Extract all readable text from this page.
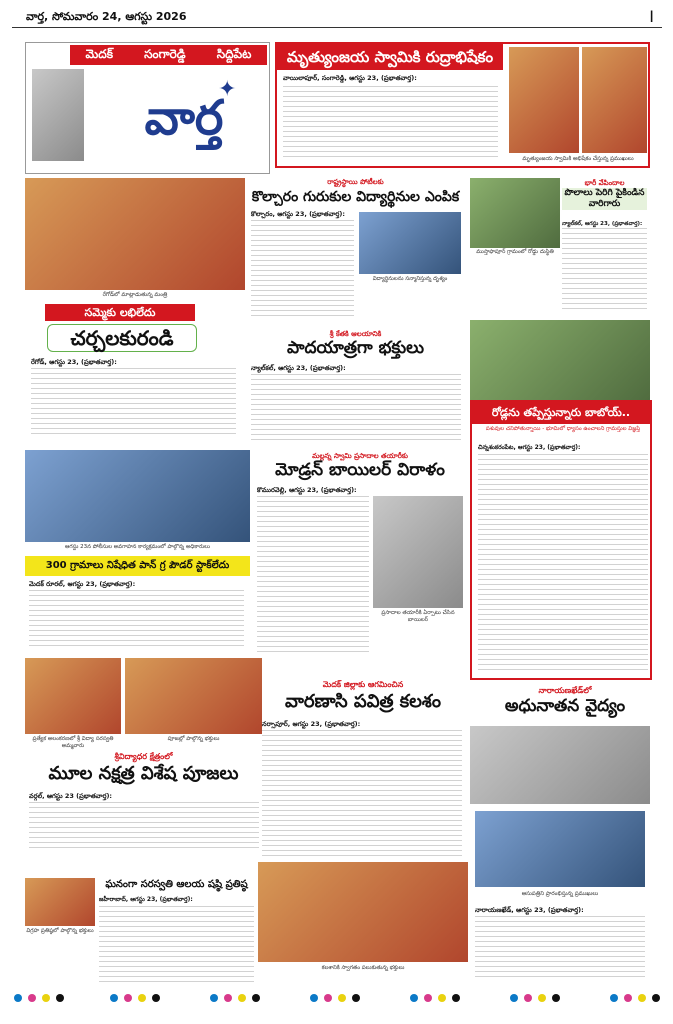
వార్త, సోమవారం 24, ఆగస్టు 2026	I
మెదక్	సంగారెడ్డి	సిద్దిపేట
వార్త
✦
మృత్యుంజయ స్వామికి రుద్రాభిషేకం
వాయిలాపూర్, సంగారెడ్డి, ఆగస్టు 23, (ప్రభాతవార్త):
మృత్యుంజయ స్వామికి అభిషేకం చేస్తున్న ప్రముఖులు
రేగోడ్‌లో మాట్లాడుతున్న మంత్రి
సమ్మెకు లభిలేదు
చర్చలకురండి
రేగోడ్, ఆగస్టు 23, (ప్రభాతవార్త):
రాష్ట్రస్థాయి పోటీలకు
కొల్చారం గురుకుల విద్యార్థినుల ఎంపిక
కొల్చారం, ఆగస్టు 23, (ప్రభాతవార్త):
విద్యార్థినులను సన్మానిస్తున్న దృశ్యం
ముస్తాఫాపూర్ గ్రామంలో రోడ్డు దుస్థితి
భారీ వేపిందాల
పొలాలు పెరిగి పైకిండిన వారిగారు
న్యాల్‌కల్, ఆగస్టు 23, (ప్రభాతవార్త):
శ్రీ కేతకి ఆలయానికి
పాదయాత్రగా భక్తులు
న్యాల్‌కల్, ఆగస్టు 23, (ప్రభాతవార్త):
రోడ్లను తప్పేస్తున్నారు బాబోయ్..
పశువుల చనిపోతున్నాయి - భూమిలో ధ్యాసం ఉంచాలని గ్రామస్తుల విజ్ఞప్తి
చిన్నశంకరంపేట, ఆగస్టు 23, (ప్రభాతవార్త):
ఆగస్టు 23న పోలీసుల అవగాహన కార్యక్రమంలో పాల్గొన్న అధికారులు
300 గ్రామాలు నిషేధిత పాన్ గ్ర పౌడర్ స్టాక్‌లేదు
మెదక్ రూరల్, ఆగస్టు 23, (ప్రభాతవార్త):
మల్లన్న స్వామి ప్రసాదాల తయారీకు
మోడ్రన్ బాయిలర్ విరాళం
కొమురవెల్లి, ఆగస్టు 23, (ప్రభాతవార్త):
ప్రసాదాల తయారీకి ఏర్పాటు చేసిన బాయిలర్
ప్రత్యేక అలంకరణలో శ్రీ విద్యా సరస్వతి అమ్మవారు
పూజల్లో పాల్గొన్న భక్తులు
శ్రీవిద్యాధర క్షేత్రంలో
మూల నక్షత్ర విశేష పూజలు
వర్గల్, ఆగస్టు 23 (ప్రభాతవార్త):
మెదక్ జిల్లాకు ఆగమించిన
వారణాసి పవిత్ర కలశం
నర్సాపూర్, ఆగస్టు 23, (ప్రభాతవార్త):
కలశానికి స్వాగతం పలుకుతున్న భక్తులు
నారాయణఖేడ్‌లో
అధునాతన వైద్యం
ఆసుపత్రిని ప్రారంభిస్తున్న ప్రముఖులు
నారాయణఖేడ్, ఆగస్టు 23, (ప్రభాతవార్త):
విగ్రహ ప్రతిష్ఠలో పాల్గొన్న భక్తులు
ఘనంగా సరస్వతి ఆలయ షష్ఠి ప్రతిష్ఠ
జహీరాబాద్, ఆగస్టు 23, (ప్రభాతవార్త):
